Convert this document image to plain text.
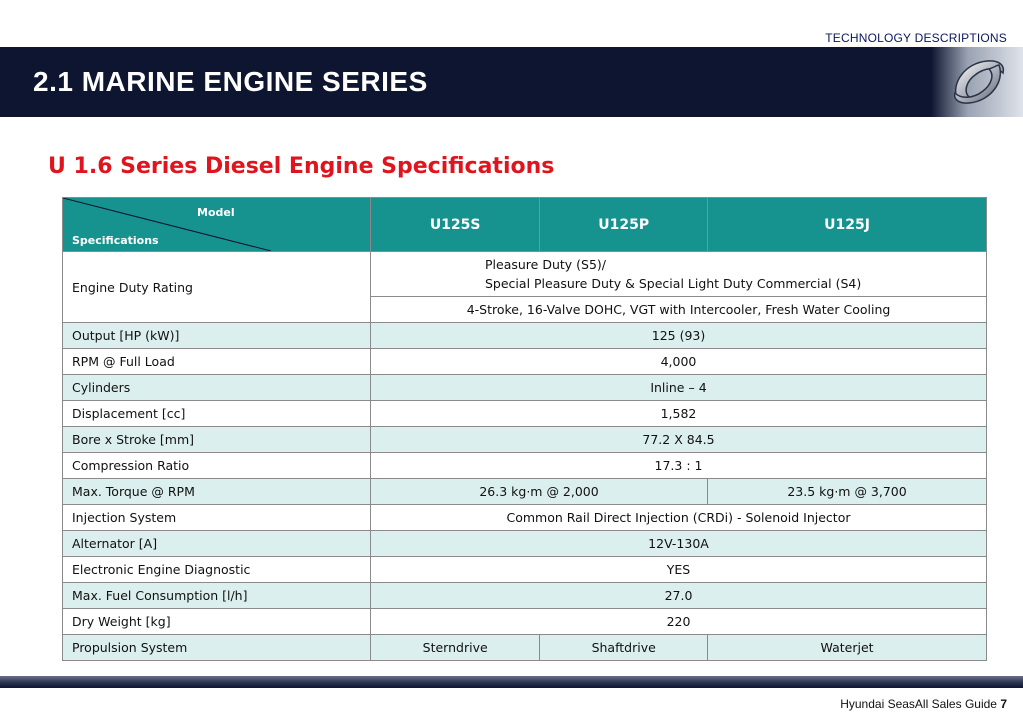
TECHNOLOGY DESCRIPTIONS
2.1 MARINE ENGINE SERIES
U 1.6 Series Diesel Engine Specifications
Model
Specifications	U125S	U125P	U125J
Engine Duty Rating	Pleasure Duty (S5)/
Special Pleasure Duty & Special Light Duty Commercial (S4)		

	4-Stroke, 16-Valve DOHC, VGT with Intercooler, Fresh Water Cooling		
Output [HP (kW)]	125 (93)		
RPM @ Full Load	4,000		
Cylinders	Inline – 4		
Displacement [cc]	1,582		
Bore x Stroke [mm]	77.2 X 84.5		
Compression Ratio	17.3 : 1		
Max. Torque @ RPM	26.3 kg·m @ 2,000		23.5 kg·m @ 3,700
Injection System	Common Rail Direct Injection (CRDi) - Solenoid Injector		
Alternator [A]	12V-130A		
Electronic Engine Diagnostic	YES		
Max. Fuel Consumption [l/h]	27.0		
Dry Weight [kg]	220		
Propulsion System	Sterndrive	Shaftdrive	Waterjet
Hyundai SeasAll Sales Guide 7
